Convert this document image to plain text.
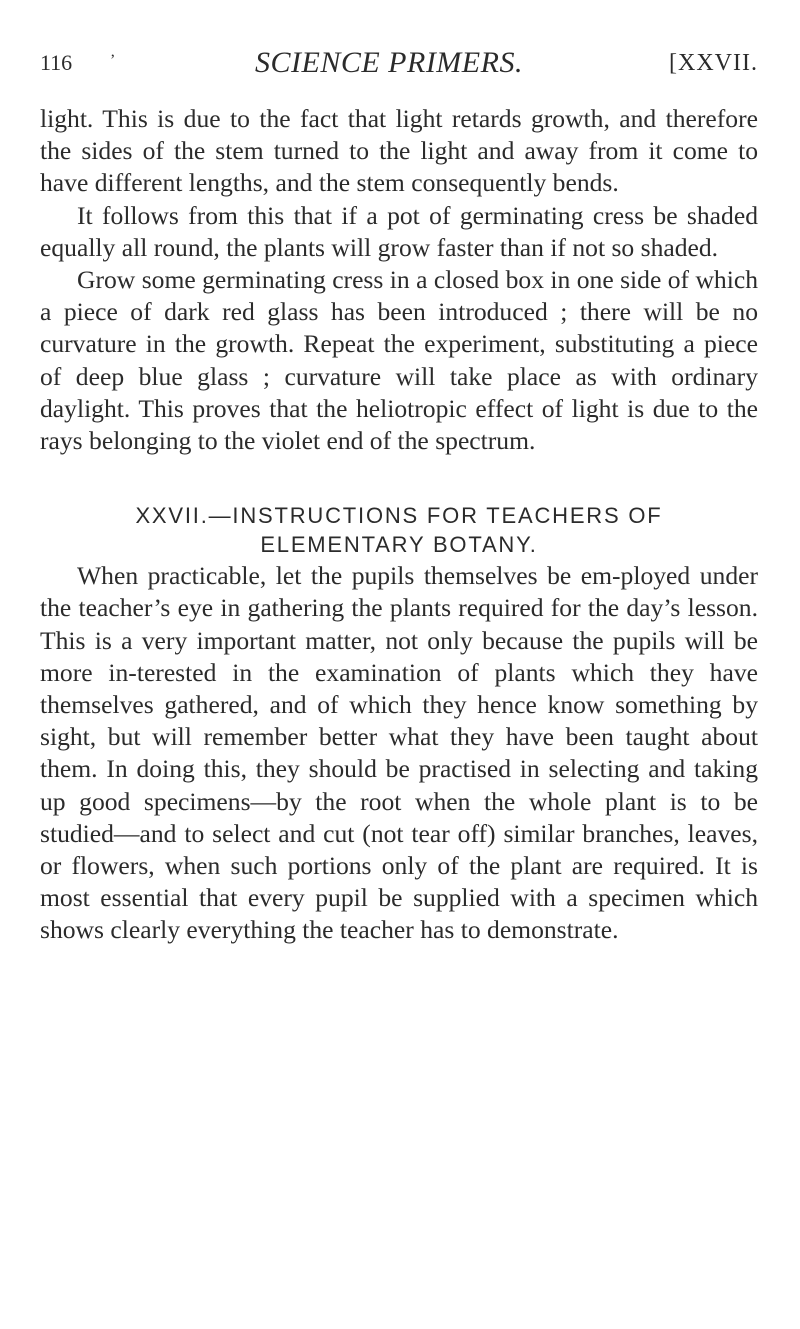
116 ʼ	SCIENCE PRIMERS.	[XXVII.

light. This is due to the fact that light retards growth, and therefore the sides of the stem turned to the light and away from it come to have different lengths, and the stem consequently bends.

It follows from this that if a pot of germinating cress be shaded equally all round, the plants will grow faster than if not so shaded.

Grow some germinating cress in a closed box in one side of which a piece of dark red glass has been introduced ; there will be no curvature in the growth. Repeat the experiment, substituting a piece of deep blue glass ; curvature will take place as with ordinary daylight. This proves that the heliotropic effect of light is due to the rays belonging to the violet end of the spectrum.

XXVII.—INSTRUCTIONS FOR TEACHERS OF
ELEMENTARY BOTANY.

When practicable, let the pupils themselves be em-ployed under the teacher’s eye in gathering the plants required for the day’s lesson. This is a very important matter, not only because the pupils will be more in-terested in the examination of plants which they have themselves gathered, and of which they hence know something by sight, but will remember better what they have been taught about them. In doing this, they should be practised in selecting and taking up good specimens—by the root when the whole plant is to be studied—and to select and cut (not tear off) similar branches, leaves, or flowers, when such portions only of the plant are required. It is most essential that every pupil be supplied with a specimen which shows clearly everything the teacher has to demonstrate.
